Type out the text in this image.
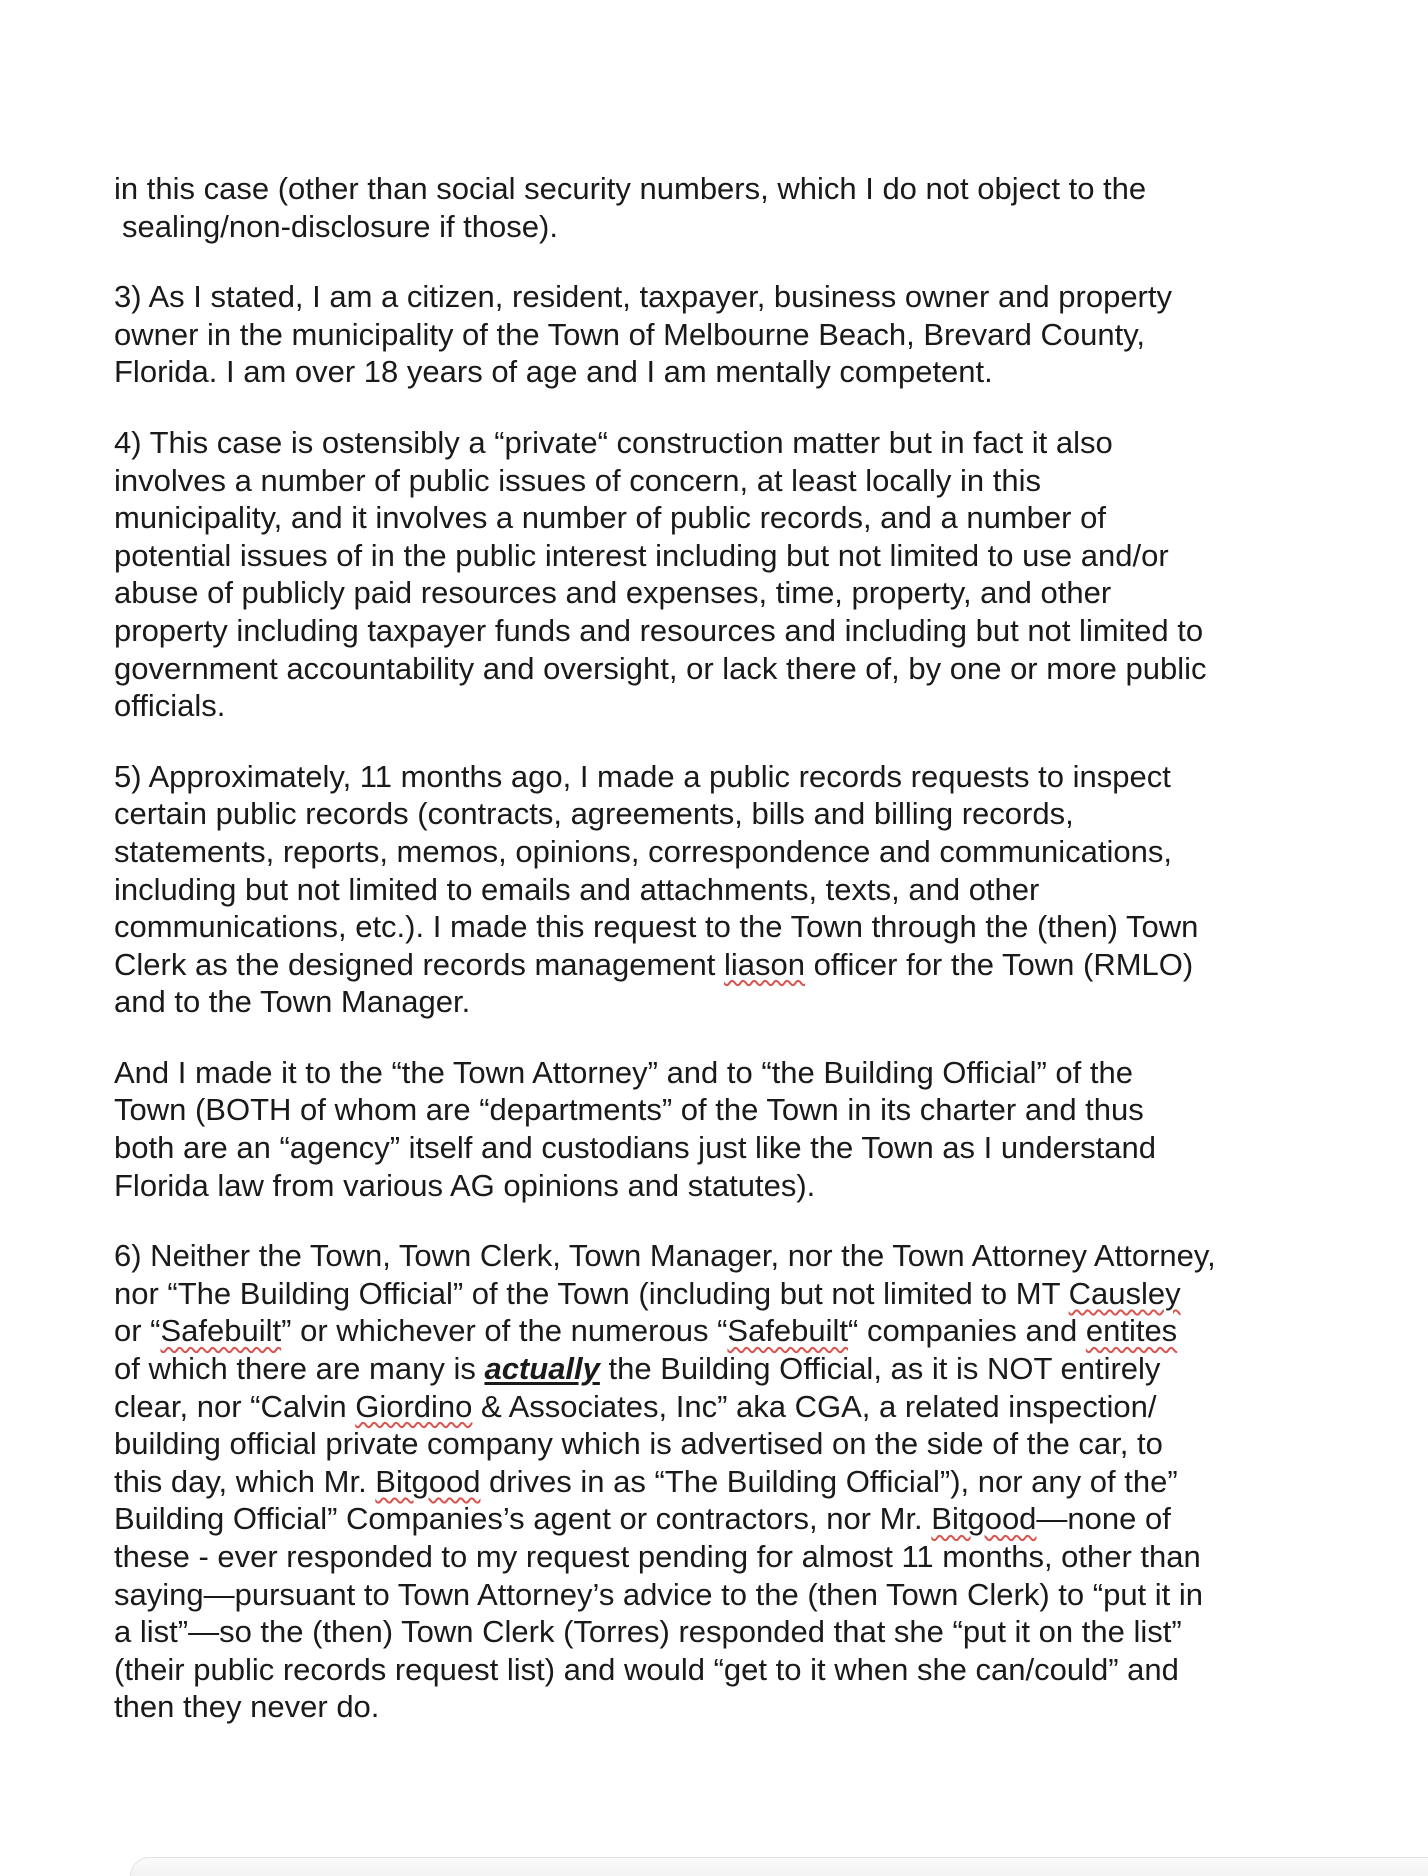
in this case (other than social security numbers, which I do not object to the
sealing/non-disclosure if those).
3) As I stated, I am a citizen, resident, taxpayer, business owner and property
owner in the municipality of the Town of Melbourne Beach, Brevard County,
Florida. I am over 18 years of age and I am mentally competent.
4) This case is ostensibly a “private“ construction matter but in fact it also
involves a number of public issues of concern, at least locally in this
municipality, and it involves a number of public records, and a number of
potential issues of in the public interest including but not limited to use and/or
abuse of publicly paid resources and expenses, time, property, and other
property including taxpayer funds and resources and including but not limited to
government accountability and oversight, or lack there of, by one or more public
officials.
5) Approximately, 11 months ago, I made a public records requests to inspect
certain public records (contracts, agreements, bills and billing records,
statements, reports, memos, opinions, correspondence and communications,
including but not limited to emails and attachments, texts, and other
communications, etc.). I made this request to the Town through the (then) Town
Clerk as the designed records management liason officer for the Town (RMLO)
and to the Town Manager.
And I made it to the “the Town Attorney” and to “the Building Official” of the
Town (BOTH of whom are “departments” of the Town in its charter and thus
both are an “agency” itself and custodians just like the Town as I understand
Florida law from various AG opinions and statutes).
6) Neither the Town, Town Clerk, Town Manager, nor the Town Attorney Attorney,
nor “The Building Official” of the Town (including but not limited to MT Causley
or “Safebuilt” or whichever of the numerous “Safebuilt“ companies and entites
of which there are many is actually the Building Official, as it is NOT entirely
clear, nor “Calvin Giordino & Associates, Inc” aka CGA, a related inspection/
building official private company which is advertised on the side of the car, to
this day, which Mr. Bitgood drives in as “The Building Official”), nor any of the”
Building Official” Companies’s agent or contractors, nor Mr. Bitgood—none of
these - ever responded to my request pending for almost 11 months, other than
saying—pursuant to Town Attorney’s advice to the (then Town Clerk) to “put it in
a list”—so the (then) Town Clerk (Torres) responded that she “put it on the list”
(their public records request list) and would “get to it when she can/could” and
then they never do.
